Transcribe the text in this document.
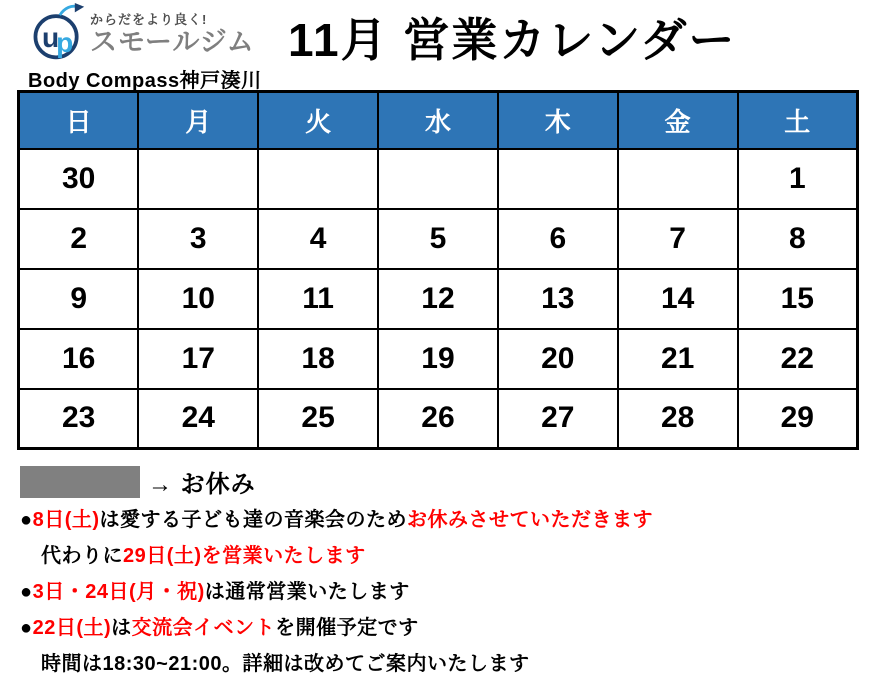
u
p
からだをより良く!
スモールジム
Body Compass神戸湊川
11月 営業カレンダー
日	月	火	水	木	金	土
30						1
2	3	4	5	6	7	8
9	10	11	12	13	14	15
16	17	18	19	20	21	22
23	24	25	26	27	28	29
→ お休み

●8日(土)は愛する子ども達の音楽会のためお休みさせていただきます

代わりに29日(土)を営業いたします

●3日・24日(月・祝)は通常営業いたします

●22日(土)は交流会イベントを開催予定です

時間は18:30~21:00。詳細は改めてご案内いたします
